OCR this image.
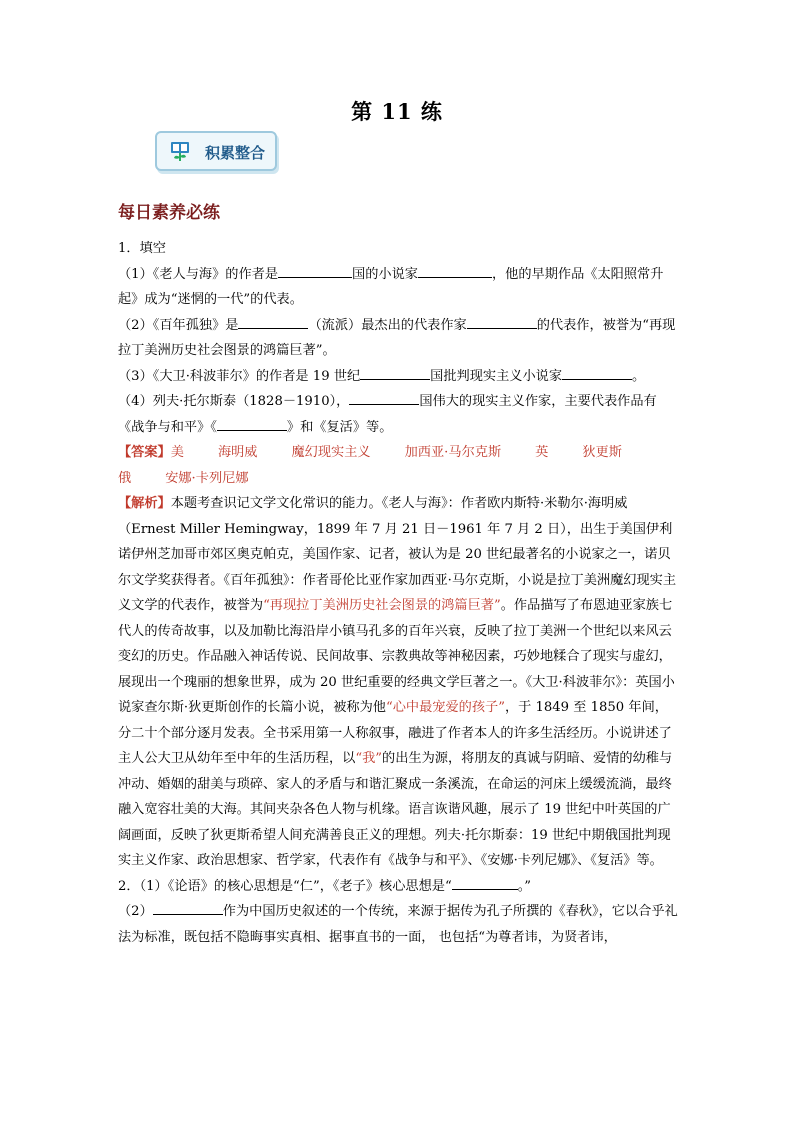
第 11 练
积累整合
每日素养必练

1．填空

（1）《老人与海》的作者是	国的小说家	，他的早期作品《太阳照常升起》成为“迷惘的一代”的代表。

（2）《百年孤独》是	（流派）最杰出的代表作家	的代表作，被誉为“再现拉丁美洲历史社会图景的鸿篇巨著”。

（3）《大卫·科波菲尔》的作者是 19 世纪	国批判现实主义小说家	。

（4）列夫·托尔斯泰（1828－1910），	国伟大的现实主义作家，主要代表作品有《战争与和平》《	》和《复活》等。

【答案】美	海明威	魔幻现实主义	加西亚·马尔克斯	英	狄更斯俄	安娜·卡列尼娜

【解析】本题考查识记文学文化常识的能力。《老人与海》：作者欧内斯特·米勒尔·海明威（Ernest Miller Hemingway，1899 年 7 月 21 日－1961 年 7 月 2 日），出生于美国伊利诺伊州芝加哥市郊区奥克帕克，美国作家、记者，被认为是 20 世纪最著名的小说家之一，诺贝尔文学奖获得者。《百年孤独》：作者哥伦比亚作家加西亚·马尔克斯，小说是拉丁美洲魔幻现实主义文学的代表作，被誉为“再现拉丁美洲历史社会图景的鸿篇巨著”。作品描写了布恩迪亚家族七代人的传奇故事，以及加勒比海沿岸小镇马孔多的百年兴衰，反映了拉丁美洲一个世纪以来风云变幻的历史。作品融入神话传说、民间故事、宗教典故等神秘因素，巧妙地糅合了现实与虚幻，展现出一个瑰丽的想象世界，成为 20 世纪重要的经典文学巨著之一。《大卫·科波菲尔》：英国小说家查尔斯·狄更斯创作的长篇小说，被称为他“心中最宠爱的孩子”，于 1849 至 1850 年间，分二十个部分逐月发表。全书采用第一人称叙事，融进了作者本人的许多生活经历。小说讲述了主人公大卫从幼年至中年的生活历程，以“我”的出生为源，将朋友的真诚与阴暗、爱情的幼稚与冲动、婚姻的甜美与琐碎、家人的矛盾与和谐汇聚成一条溪流，在命运的河床上缓缓流淌，最终融入宽容壮美的大海。其间夹杂各色人物与机缘。语言诙谐风趣，展示了 19 世纪中叶英国的广阔画面，反映了狄更斯希望人间充满善良正义的理想。列夫·托尔斯泰：19 世纪中期俄国批判现实主义作家、政治思想家、哲学家，代表作有《战争与和平》、《安娜·卡列尼娜》、《复活》等。

2．（1）《论语》的核心思想是“仁”，《老子》核心思想是“	。”

（2）	作为中国历史叙述的一个传统，来源于据传为孔子所撰的《春秋》，它以合乎礼法为标准，既包括不隐晦事实真相、据事直书的一面， 也包括“为尊者讳，为贤者讳，
